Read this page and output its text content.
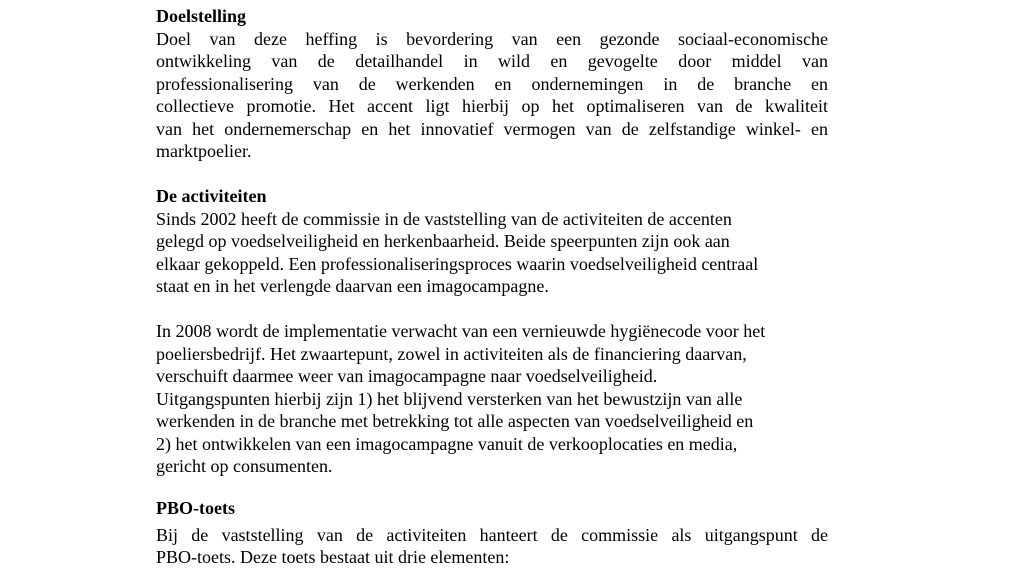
Doelstelling

Doel van deze heffing is bevordering van een gezonde sociaal-economische
ontwikkeling van de detailhandel in wild en gevogelte door middel van
professionalisering van de werkenden en ondernemingen in de branche en
collectieve promotie. Het accent ligt hierbij op het optimaliseren van de kwaliteit
van het ondernemerschap en het innovatief vermogen van de zelfstandige winkel- en
marktpoelier.

De activiteiten

Sinds 2002 heeft de commissie in de vaststelling van de activiteiten de accenten
gelegd op voedselveiligheid en herkenbaarheid. Beide speerpunten zijn ook aan
elkaar gekoppeld. Een professionaliseringsproces waarin voedselveiligheid centraal
staat en in het verlengde daarvan een imagocampagne.
In 2008 wordt de implementatie verwacht van een vernieuwde hygiënecode voor het
poeliersbedrijf. Het zwaartepunt, zowel in activiteiten als de financiering daarvan,
verschuift daarmee weer van imagocampagne naar voedselveiligheid.
Uitgangspunten hierbij zijn 1) het blijvend versterken van het bewustzijn van alle
werkenden in de branche met betrekking tot alle aspecten van voedselveiligheid en
2) het ontwikkelen van een imagocampagne vanuit de verkooplocaties en media,
gericht op consumenten.

PBO-toets

Bij de vaststelling van de activiteiten hanteert de commissie als uitgangspunt de
PBO-toets. Deze toets bestaat uit drie elementen:
